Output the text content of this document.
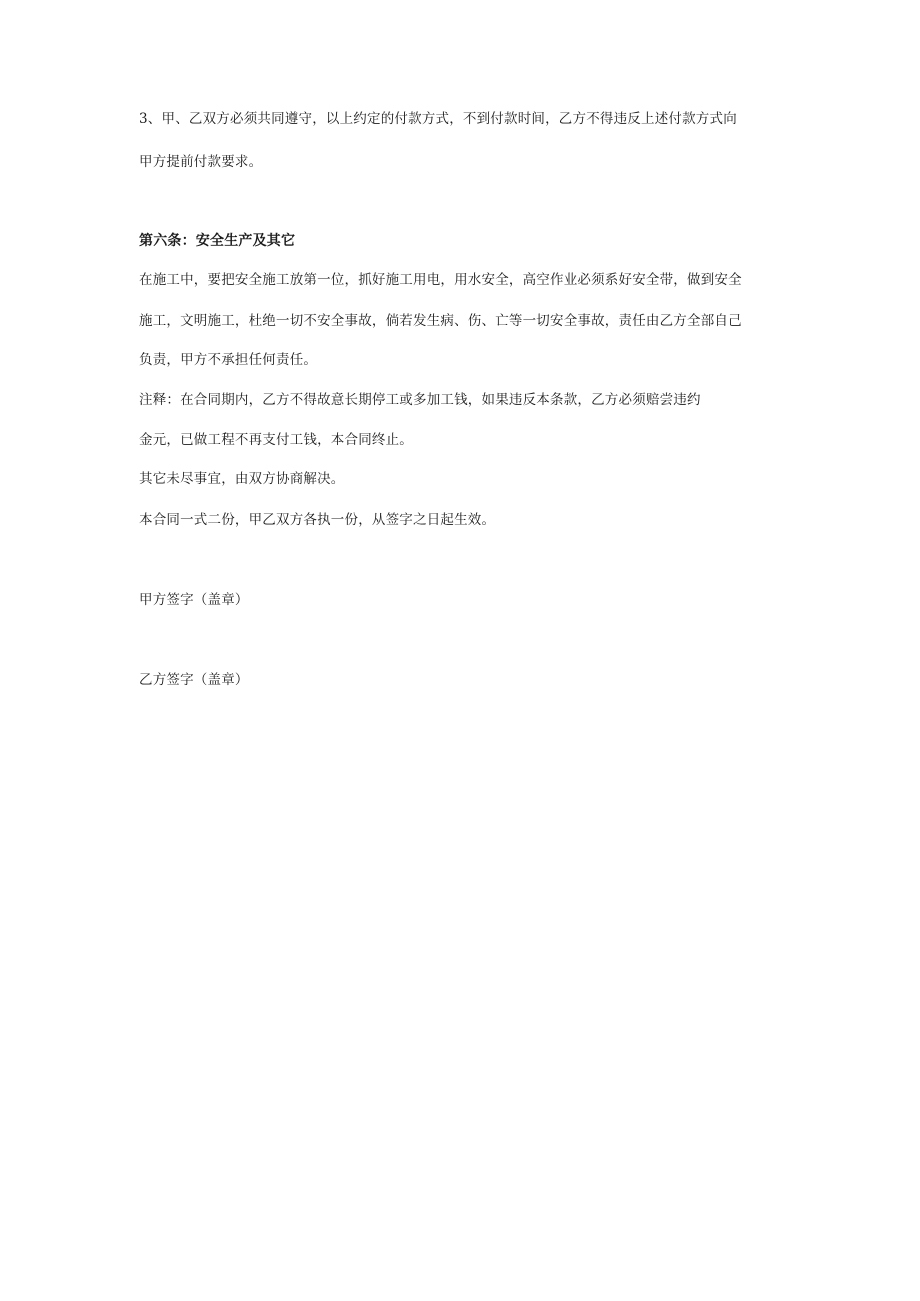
3、甲、乙双方必须共同遵守，以上约定的付款方式，不到付款时间，乙方不得违反上述付款方式向
甲方提前付款要求。
第六条：安全生产及其它
在施工中，要把安全施工放第一位，抓好施工用电，用水安全，高空作业必须系好安全带，做到安全
施工，文明施工，杜绝一切不安全事故，倘若发生病、伤、亡等一切安全事故，责任由乙方全部自己
负责，甲方不承担任何责任。
注释：在合同期内，乙方不得故意长期停工或多加工钱，如果违反本条款，乙方必须赔尝违约
金元，已做工程不再支付工钱，本合同终止。
其它未尽事宜，由双方协商解决。
本合同一式二份，甲乙双方各执一份，从签字之日起生效。
甲方签字（盖章）
乙方签字（盖章）
